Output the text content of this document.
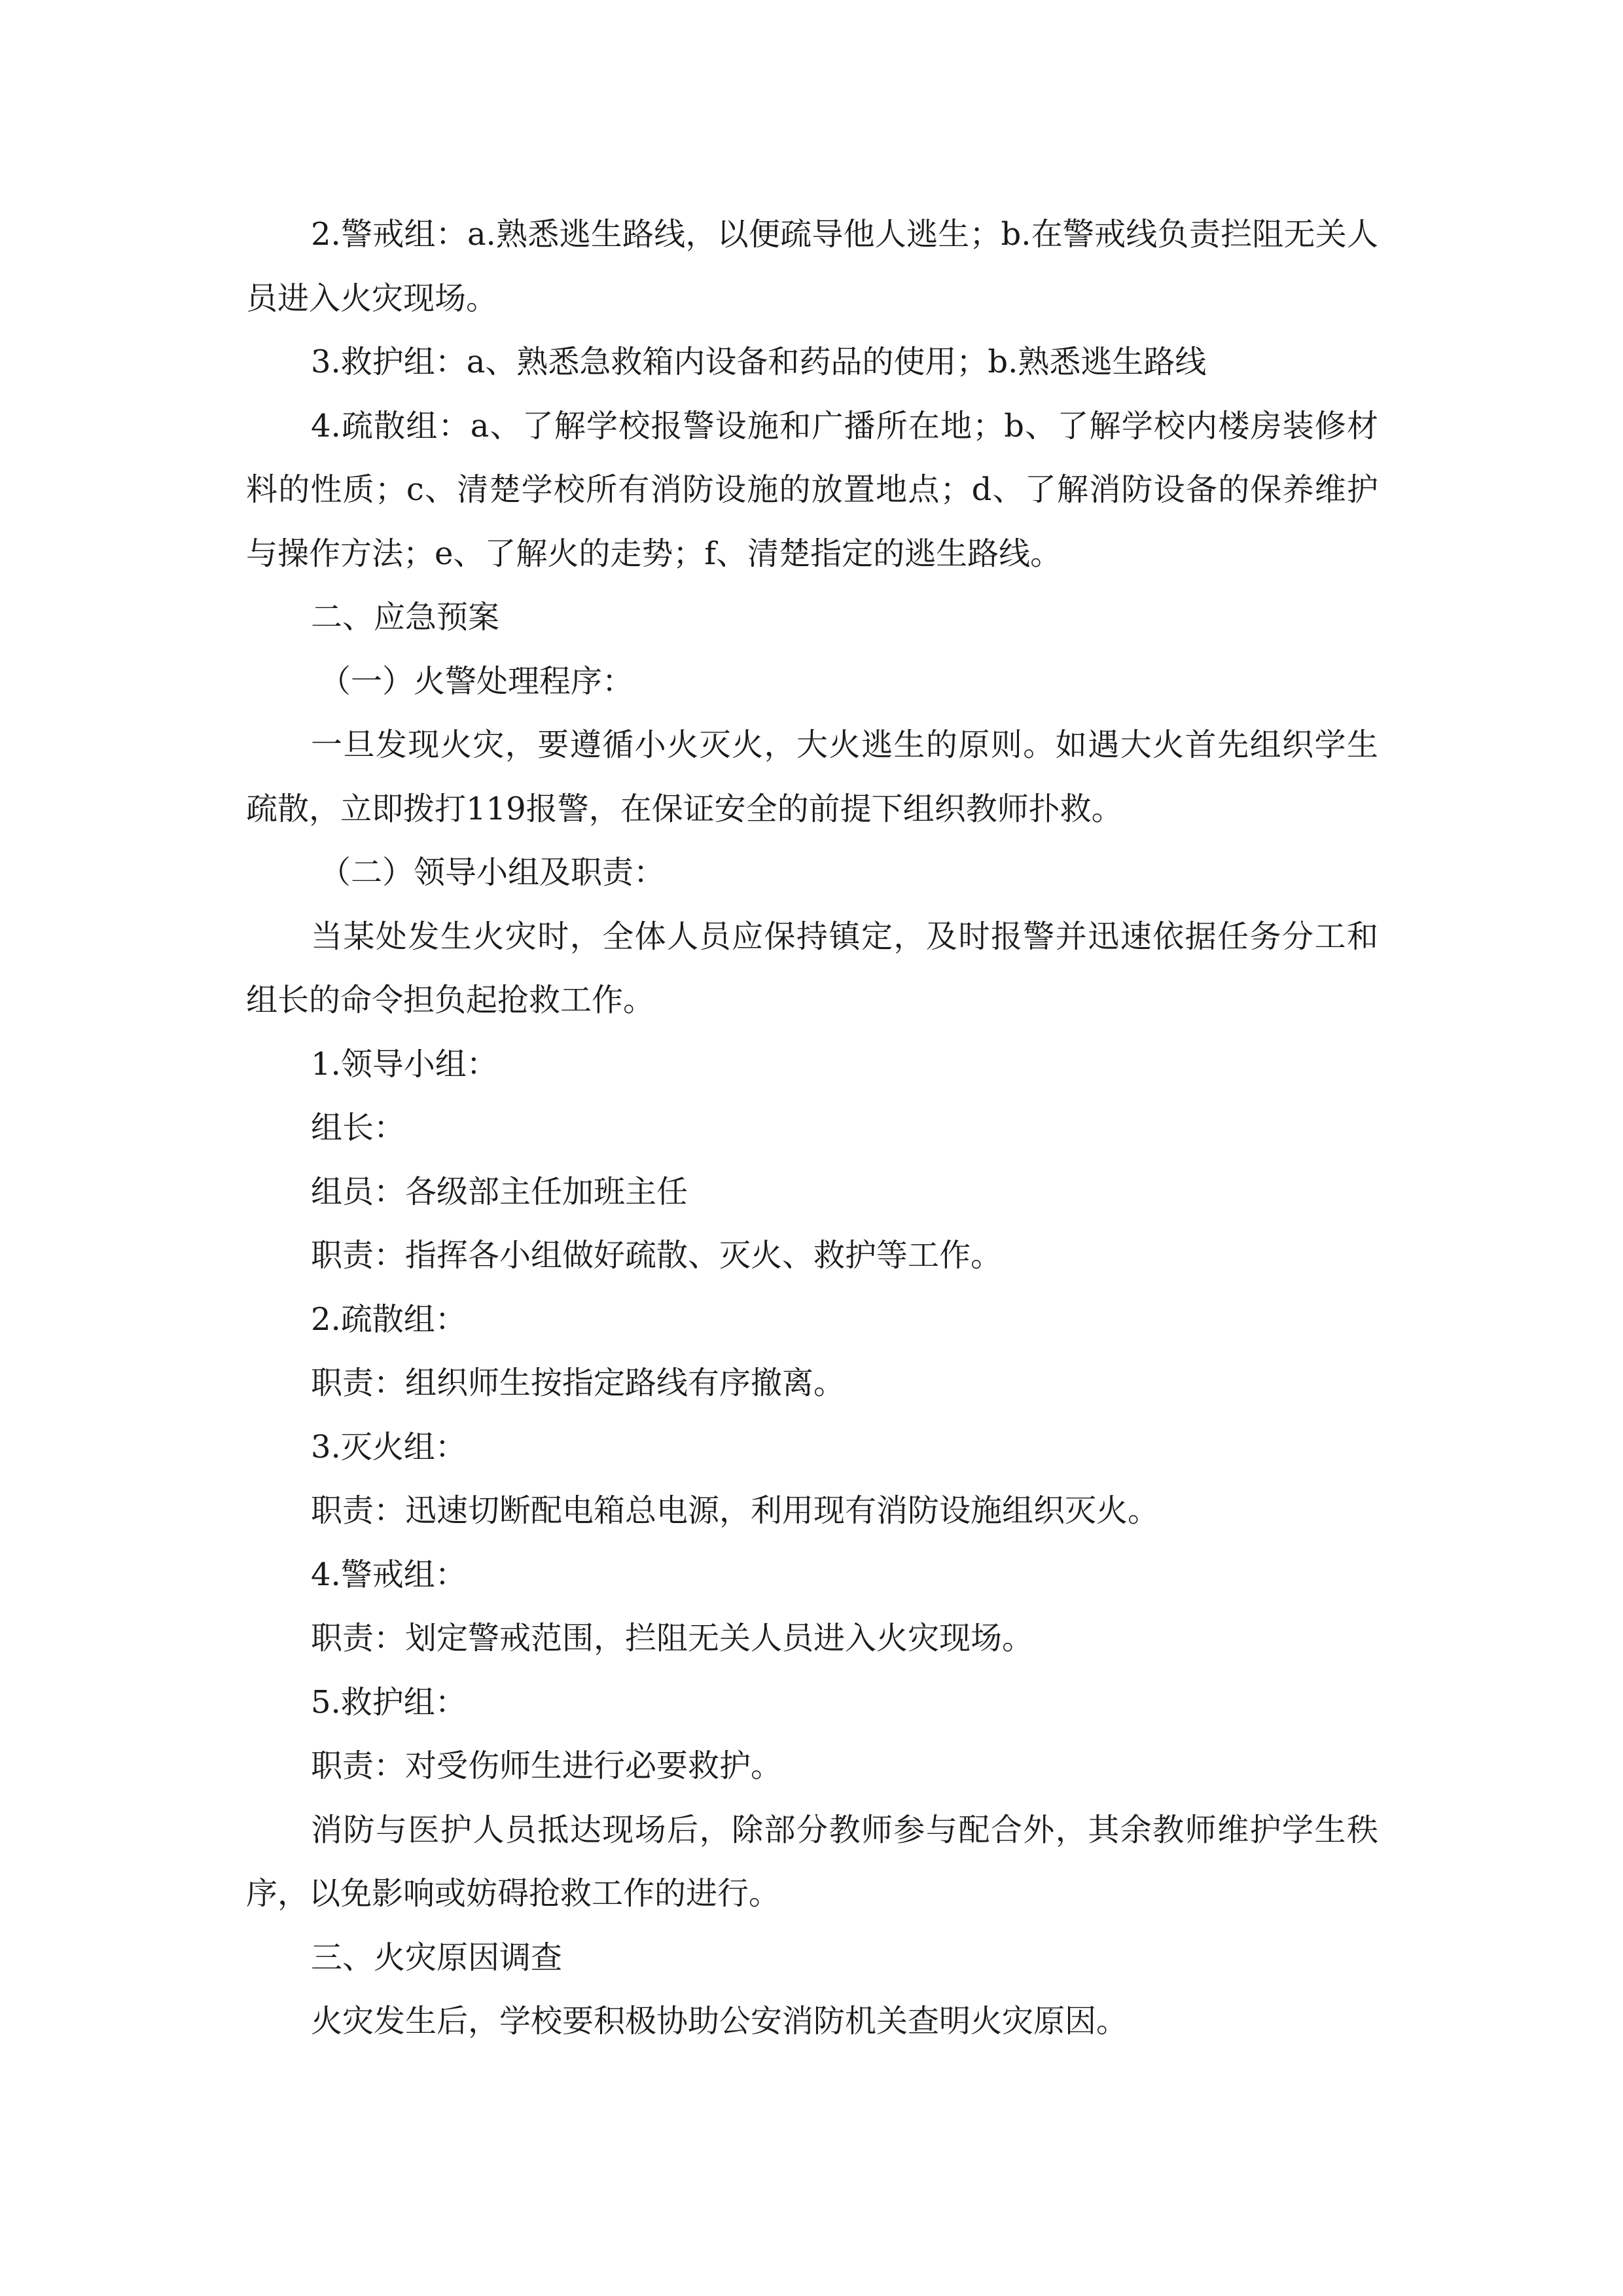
2.警戒组：a.熟悉逃生路线，以便疏导他人逃生；b.在警戒线负责拦阻无关人员进入火灾现场。

3.救护组：a、熟悉急救箱内设备和药品的使用；b.熟悉逃生路线

4.疏散组：a、了解学校报警设施和广播所在地；b、了解学校内楼房装修材料的性质；c、清楚学校所有消防设施的放置地点；d、了解消防设备的保养维护与操作方法；e、了解火的走势；f、清楚指定的逃生路线。

二、应急预案

（一）火警处理程序：

一旦发现火灾，要遵循小火灭火，大火逃生的原则。如遇大火首先组织学生疏散，立即拨打119报警，在保证安全的前提下组织教师扑救。

（二）领导小组及职责：

当某处发生火灾时，全体人员应保持镇定，及时报警并迅速依据任务分工和组长的命令担负起抢救工作。

1.领导小组：

组长：

组员：各级部主任加班主任

职责：指挥各小组做好疏散、灭火、救护等工作。

2.疏散组：

职责：组织师生按指定路线有序撤离。

3.灭火组：

职责：迅速切断配电箱总电源，利用现有消防设施组织灭火。

4.警戒组：

职责：划定警戒范围，拦阻无关人员进入火灾现场。

5.救护组：

职责：对受伤师生进行必要救护。

消防与医护人员抵达现场后，除部分教师参与配合外，其余教师维护学生秩序，以免影响或妨碍抢救工作的进行。

三、火灾原因调查

火灾发生后，学校要积极协助公安消防机关查明火灾原因。
